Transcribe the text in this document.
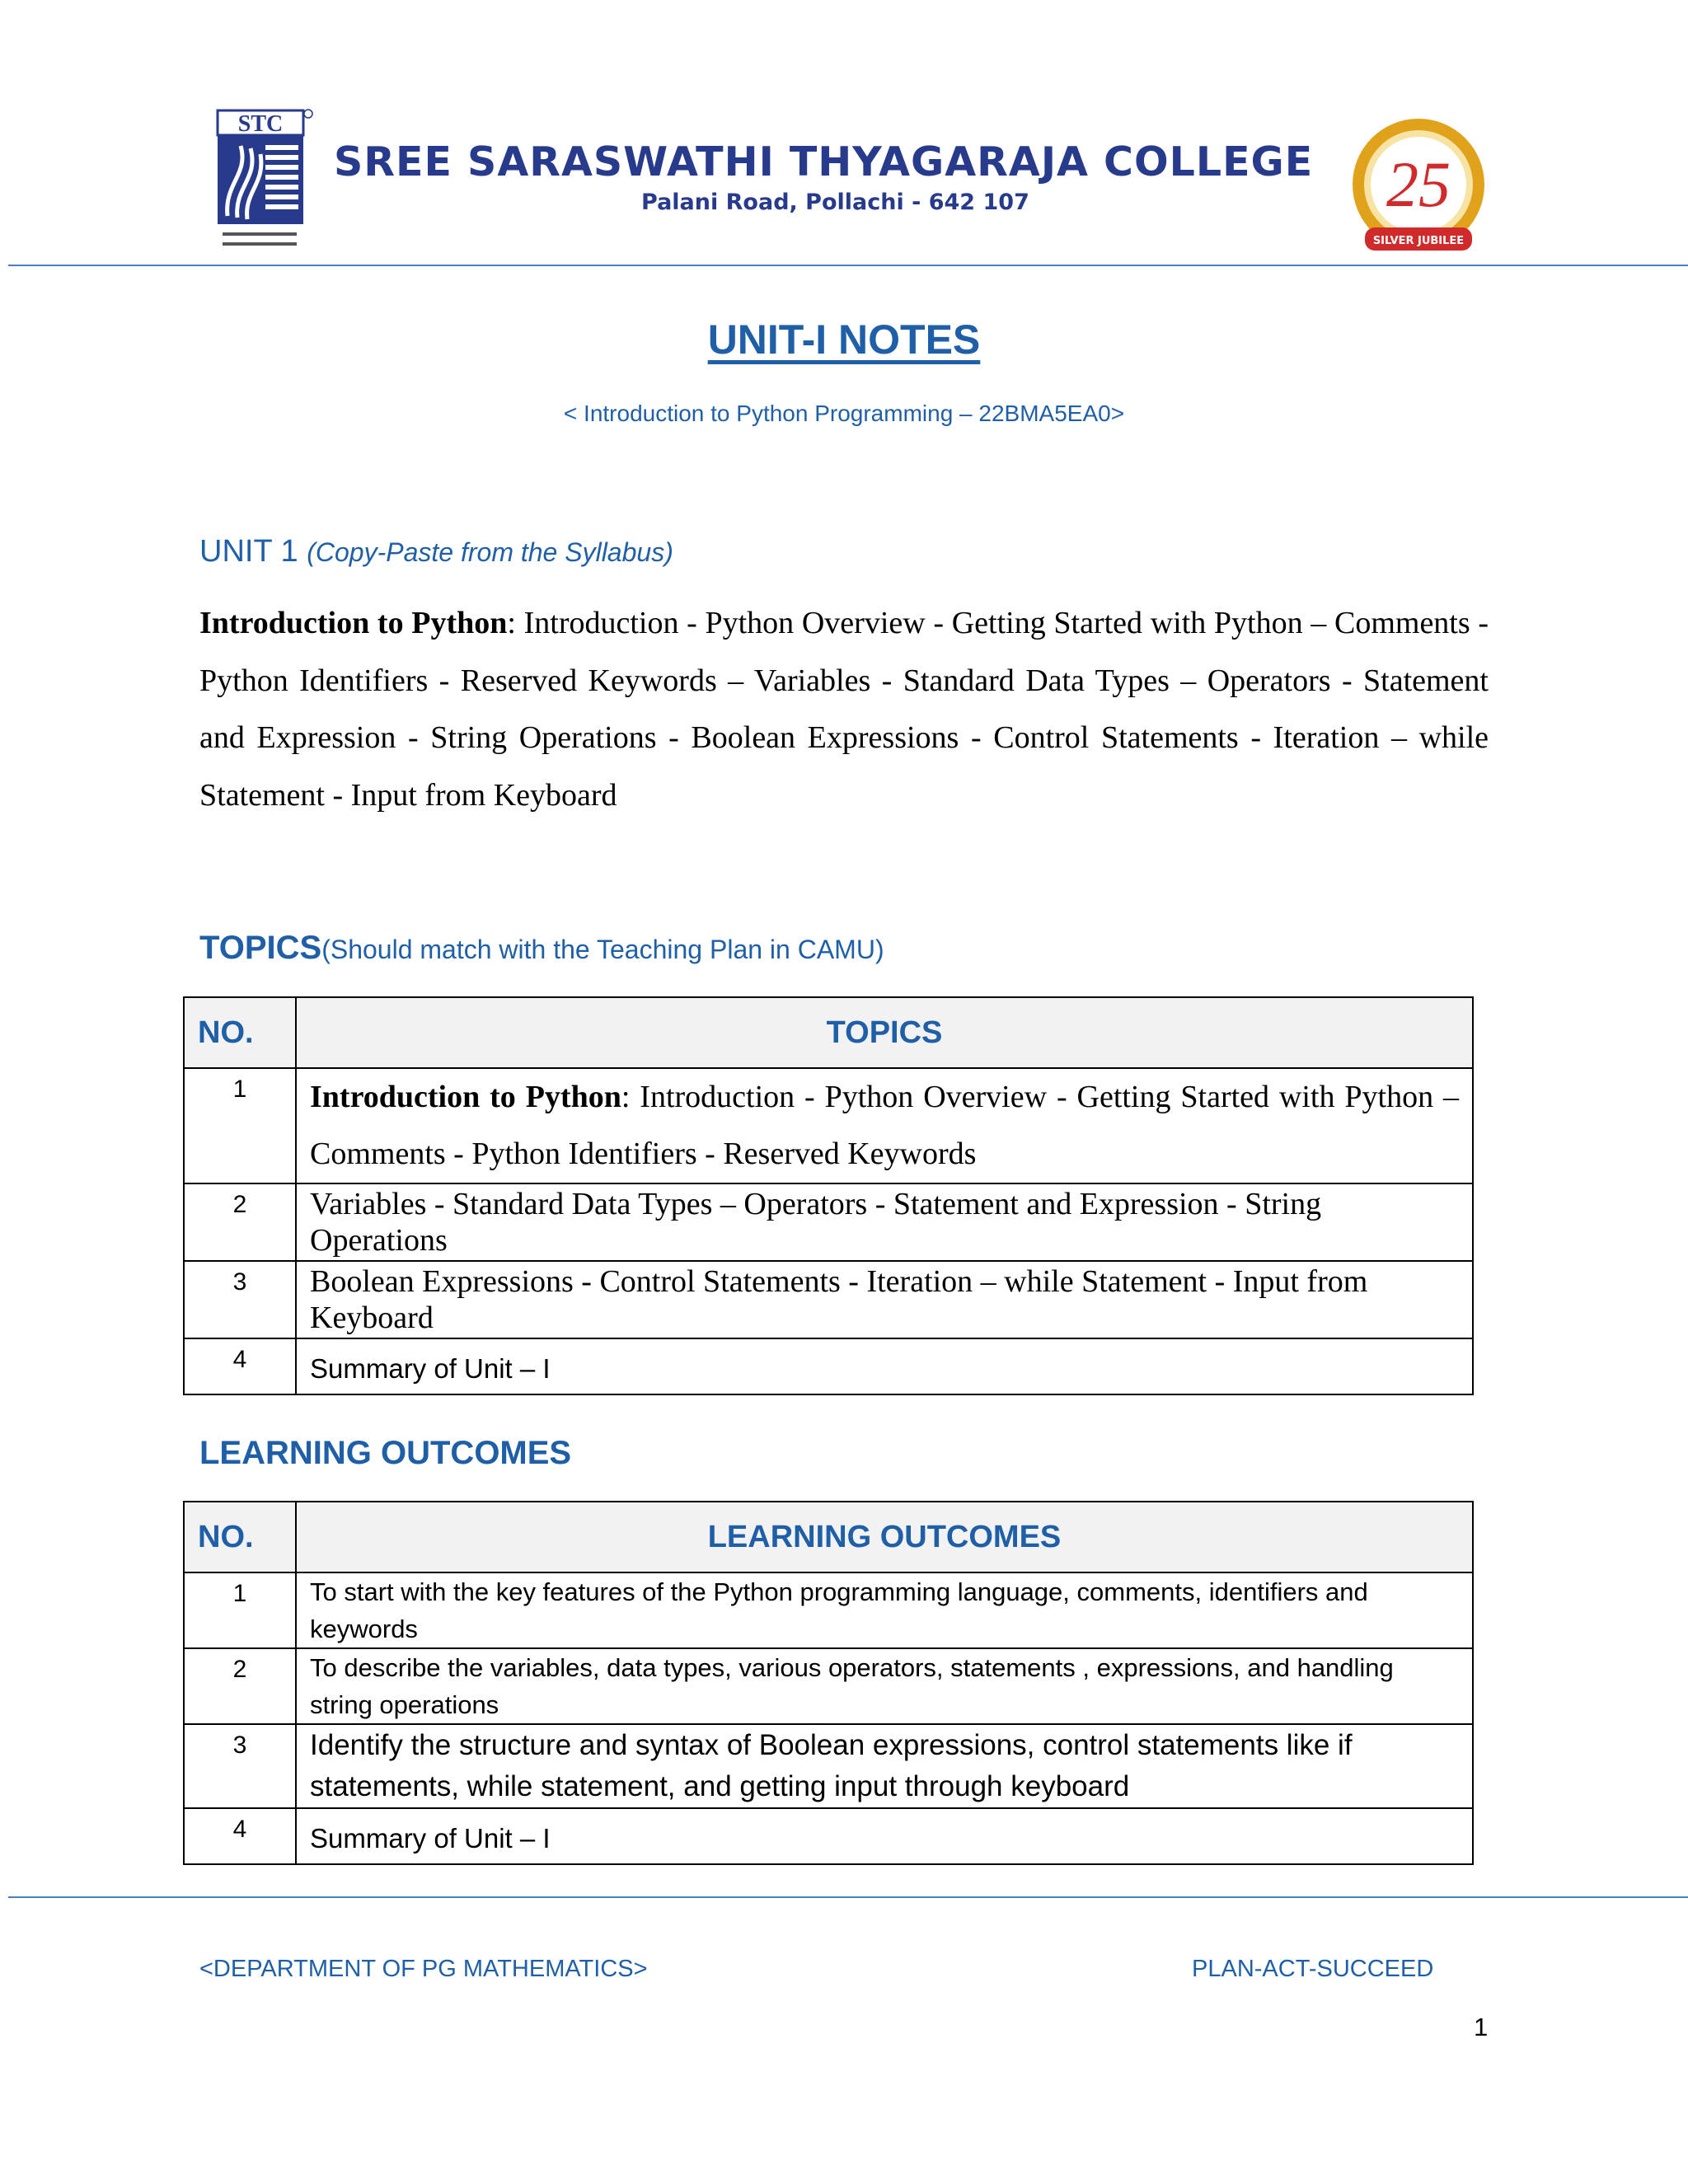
STC
SREE SARASWATHI THYAGARAJA COLLEGE
Palani Road, Pollachi - 642 107	25
SILVER JUBILEE
UNIT-I NOTES
< Introduction to Python Programming – 22BMA5EA0>
UNIT 1 (Copy-Paste from the Syllabus)
Introduction to Python: Introduction - Python Overview - Getting Started with Python – Comments - Python Identifiers - Reserved Keywords – Variables - Standard Data Types – Operators - Statement and Expression - String Operations - Boolean Expressions - Control Statements - Iteration – while Statement - Input from Keyboard
TOPICS(Should match with the Teaching Plan in CAMU)
NO.	TOPICS
1	Introduction to Python: Introduction - Python Overview - Getting Started with Python – Comments - Python Identifiers - Reserved Keywords
2	Variables - Standard Data Types – Operators - Statement and Expression - String Operations
3	Boolean Expressions - Control Statements - Iteration – while Statement - Input from Keyboard
4	Summary of Unit – I
LEARNING OUTCOMES
NO.	LEARNING OUTCOMES
1	To start with the key features of the Python programming language, comments, identifiers and keywords
2	To describe the variables, data types, various operators, statements , expressions, and handling string operations
3	Identify the structure and syntax of Boolean expressions, control statements like if statements, while statement, and getting input through keyboard
4	Summary of Unit – I
<DEPARTMENT OF PG MATHEMATICS>	PLAN-ACT-SUCCEED
1
